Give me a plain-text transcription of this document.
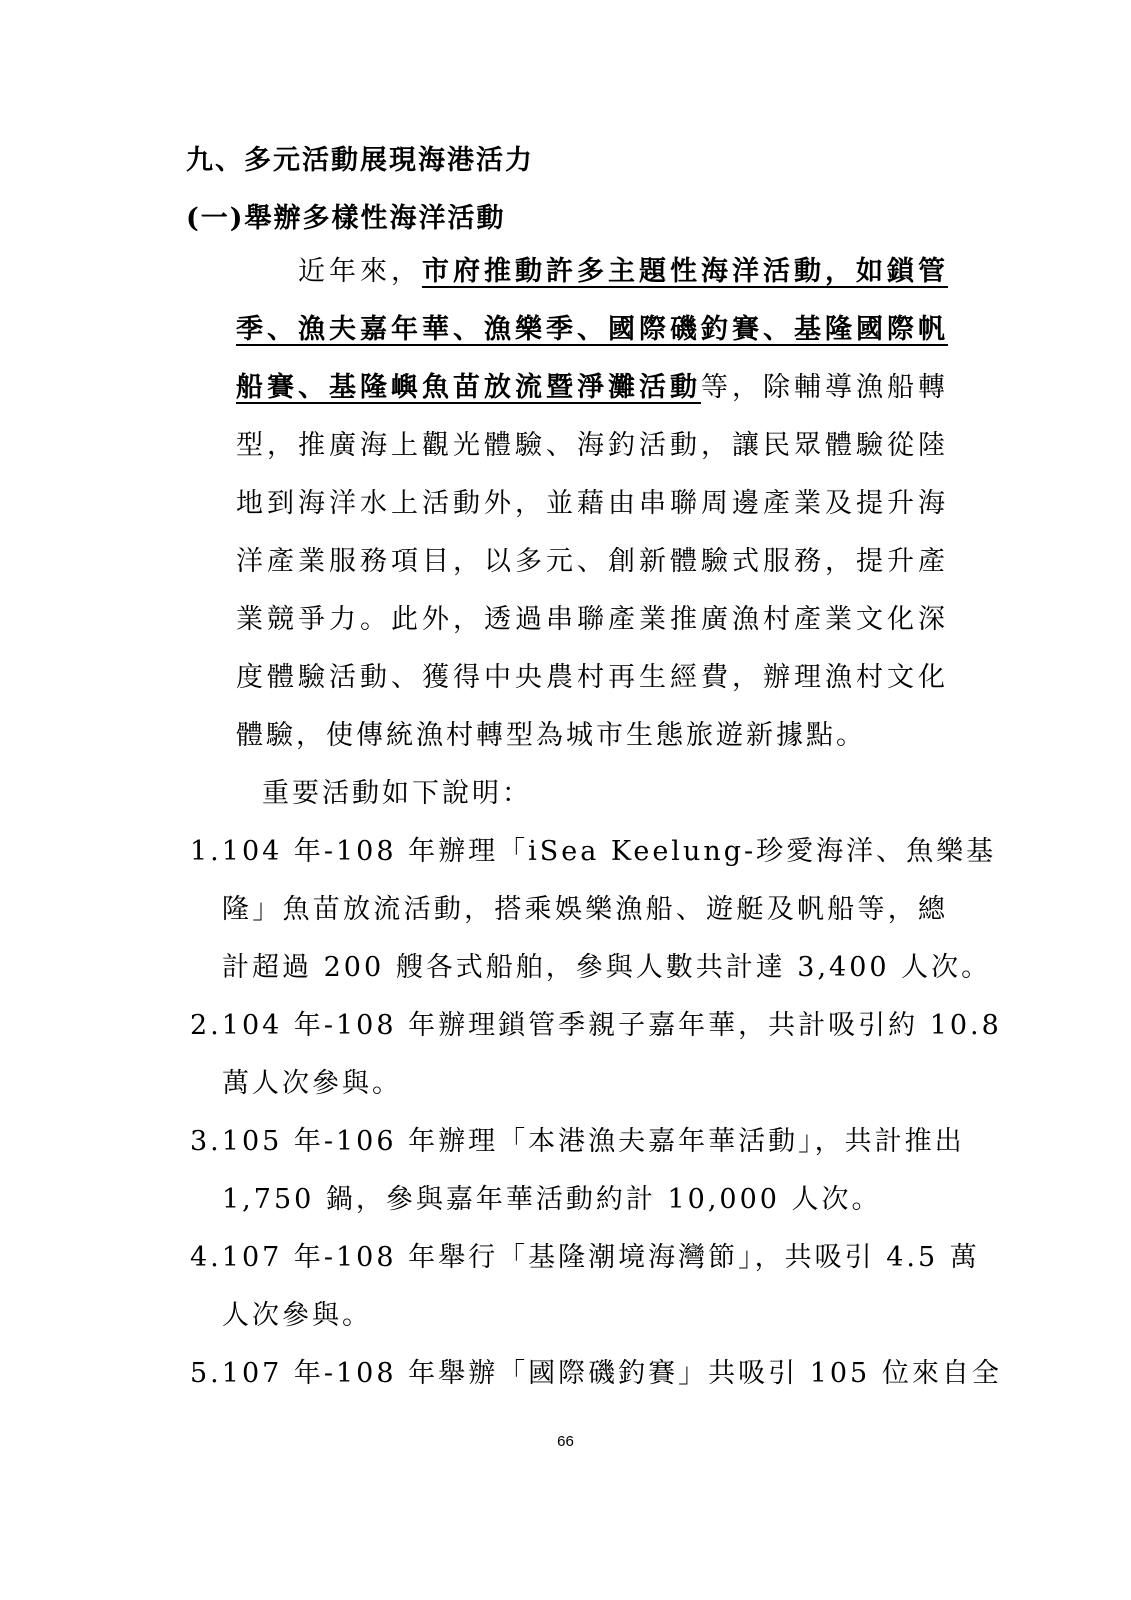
九、多元活動展現海港活力
(一)舉辦多樣性海洋活動
近年來，市府推動許多主題性海洋活動，如鎖管
季、漁夫嘉年華、漁樂季、國際磯釣賽、基隆國際帆
船賽、基隆嶼魚苗放流暨淨灘活動等，除輔導漁船轉
型，推廣海上觀光體驗、海釣活動，讓民眾體驗從陸
地到海洋水上活動外，並藉由串聯周邊產業及提升海
洋產業服務項目，以多元、創新體驗式服務，提升產
業競爭力。此外，透過串聯產業推廣漁村產業文化深
度體驗活動、獲得中央農村再生經費，辦理漁村文化
體驗，使傳統漁村轉型為城市生態旅遊新據點。
重要活動如下說明：
1.104 年-108 年辦理「iSea Keelung-珍愛海洋、魚樂基
隆」魚苗放流活動，搭乘娛樂漁船、遊艇及帆船等，總
計超過 200 艘各式船舶，參與人數共計達 3,400 人次。
2.104 年-108 年辦理鎖管季親子嘉年華，共計吸引約 10.8
萬人次參與。
3.105 年-106 年辦理「本港漁夫嘉年華活動」，共計推出
1,750 鍋，參與嘉年華活動約計 10,000 人次。
4.107 年-108 年舉行「基隆潮境海灣節」，共吸引 4.5 萬
人次參與。
5.107 年-108 年舉辦「國際磯釣賽」共吸引 105 位來自全
66
